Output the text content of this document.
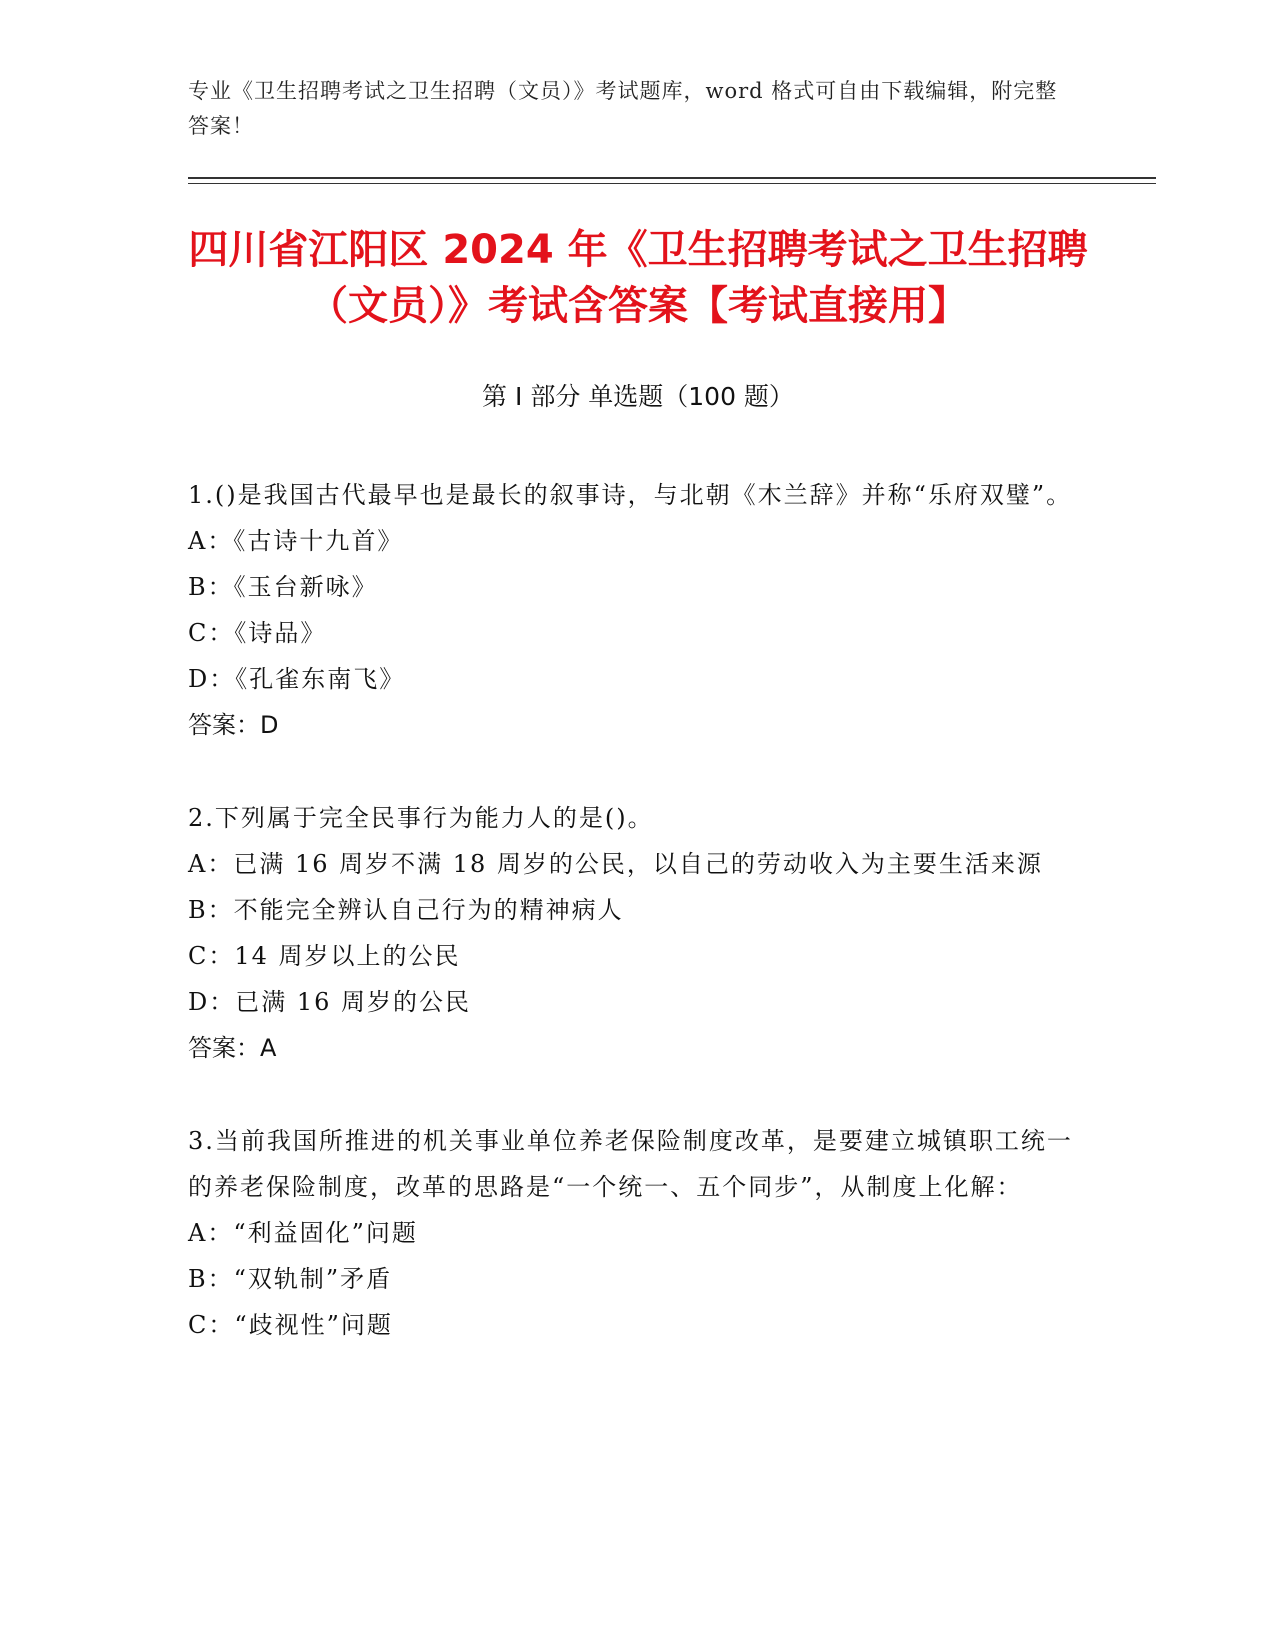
专业《卫生招聘考试之卫生招聘（文员）》考试题库，word 格式可自由下载编辑，附完整答案！
四川省江阳区 2024 年《卫生招聘考试之卫生招聘（文员）》考试含答案【考试直接用】
第 I 部分 单选题（100 题）

1.()是我国古代最早也是最长的叙事诗，与北朝《木兰辞》并称“乐府双璧”。

A：《古诗十九首》

B：《玉台新咏》

C：《诗品》

D：《孔雀东南飞》

答案：D

2.下列属于完全民事行为能力人的是()。

A：已满 16 周岁不满 18 周岁的公民，以自己的劳动收入为主要生活来源

B：不能完全辨认自己行为的精神病人

C：14 周岁以上的公民

D：已满 16 周岁的公民

答案：A

3.当前我国所推进的机关事业单位养老保险制度改革，是要建立城镇职工统一的养老保险制度，改革的思路是“一个统一、五个同步”，从制度上化解：

A：“利益固化”问题

B：“双轨制”矛盾

C：“歧视性”问题
